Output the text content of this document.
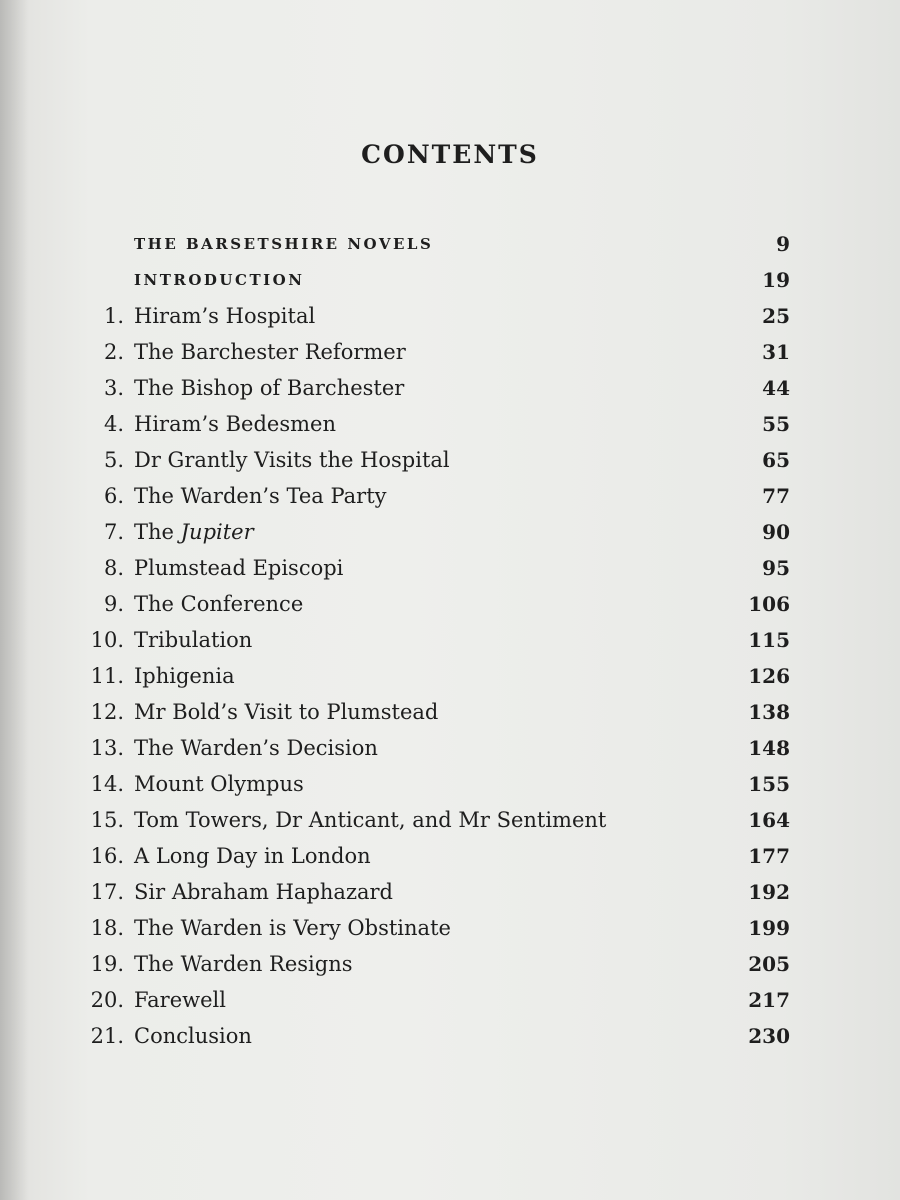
CONTENTS
THE BARSETSHIRE NOVELS	9
INTRODUCTION	19
1. Hiram’s Hospital	25
2. The Barchester Reformer	31
3. The Bishop of Barchester	44
4. Hiram’s Bedesmen	55
5. Dr Grantly Visits the Hospital	65
6. The Warden’s Tea Party	77
7. The Jupiter	90
8. Plumstead Episcopi	95
9. The Conference	106
10. Tribulation	115
11. Iphigenia	126
12. Mr Bold’s Visit to Plumstead	138
13. The Warden’s Decision	148
14. Mount Olympus	155
15. Tom Towers, Dr Anticant, and Mr Sentiment	164
16. A Long Day in London	177
17. Sir Abraham Haphazard	192
18. The Warden is Very Obstinate	199
19. The Warden Resigns	205
20. Farewell	217
21. Conclusion	230
